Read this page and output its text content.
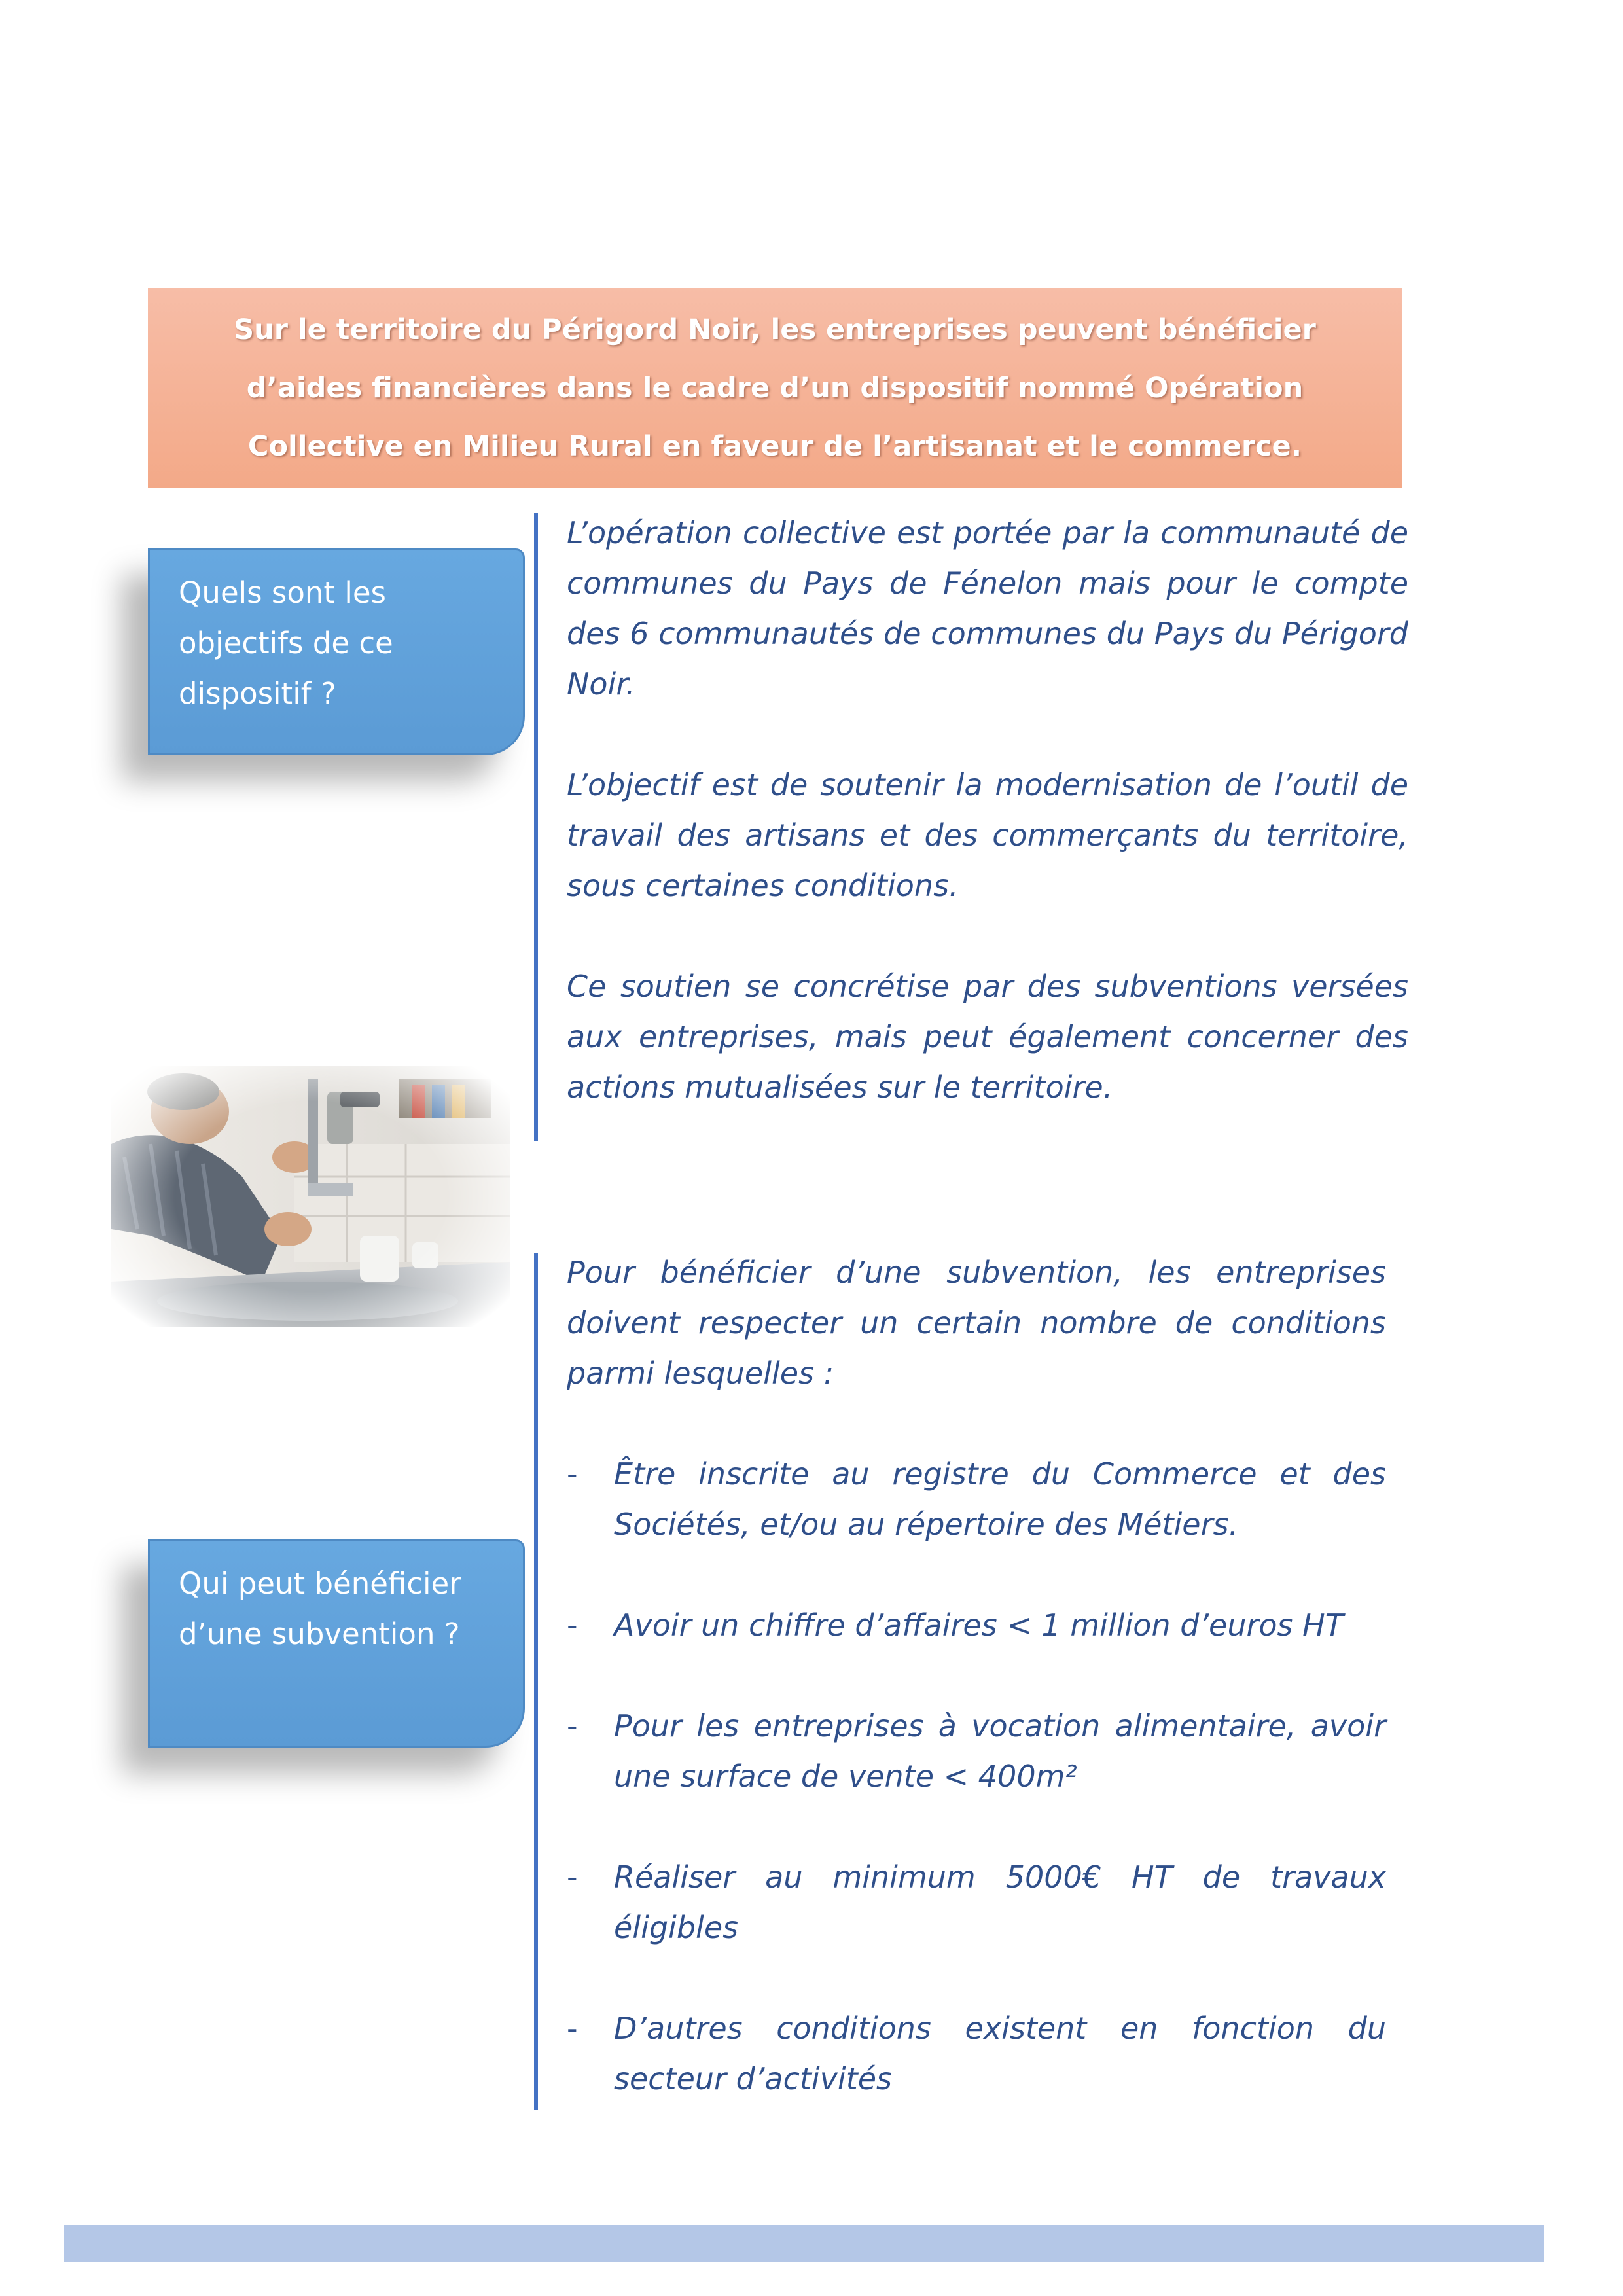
Sur le territoire du Périgord Noir, les entreprises peuvent bénéficier
d’aides financières dans le cadre d’un dispositif nommé Opération
Collective en Milieu Rural en faveur de l’artisanat et le commerce.
Quels sont les
objectifs de ce
dispositif ?

L’opération collective est portée par la communauté de communes du Pays de Fénelon mais pour le compte des 6 communautés de communes du Pays du Périgord Noir.

L’objectif est de soutenir la modernisation de l’outil de travail des artisans et des commerçants du territoire, sous certaines conditions.

Ce soutien se concrétise par des subventions versées aux entreprises, mais peut également concerner des actions mutualisées sur le territoire.

Qui peut bénéficier
d’une subvention ?

Pour bénéficier d’une subvention, les entreprises doivent respecter un certain nombre de conditions parmi lesquelles :

- Être inscrite au registre du Commerce et des Sociétés, et/ou au répertoire des Métiers.
- Avoir un chiffre d’affaires < 1 million d’euros HT
- Pour les entreprises à vocation alimentaire, avoir une surface de vente < 400m²
- Réaliser au minimum 5000€ HT de travaux éligibles
- D’autres conditions existent en fonction du secteur d’activités
